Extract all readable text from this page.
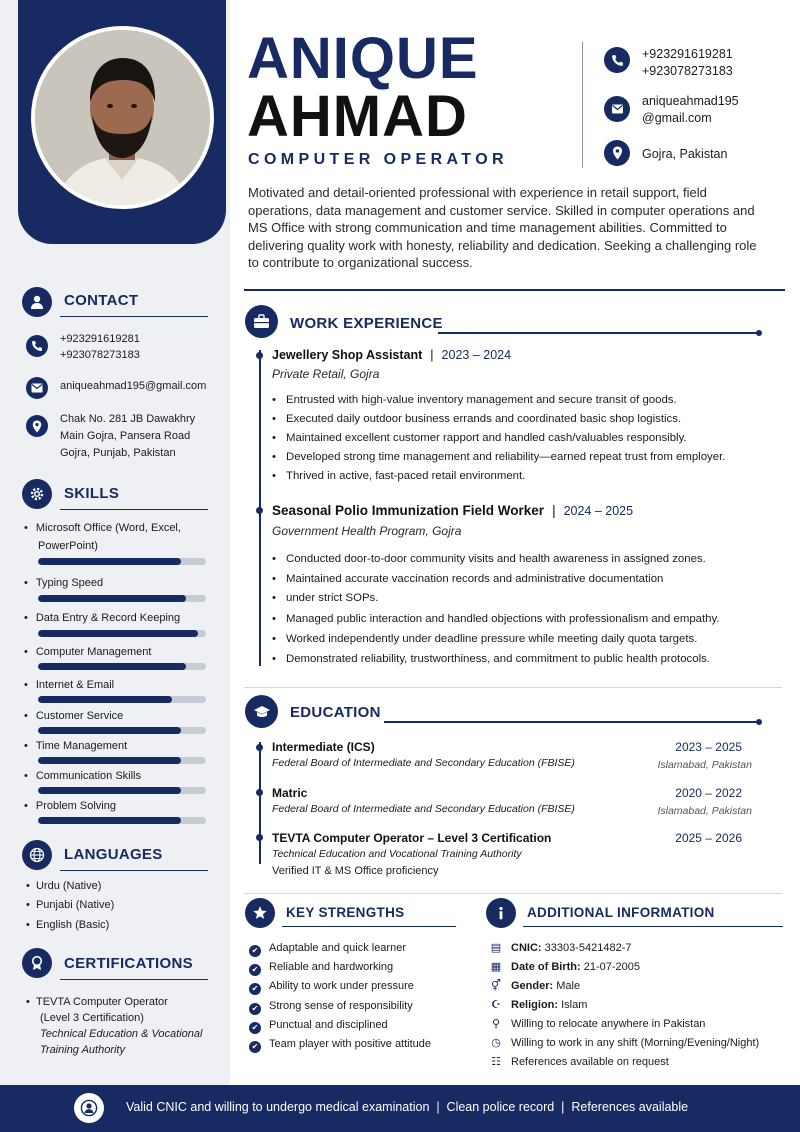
CONTACT
+923291619281
+923078273183
aniqueahmad195@gmail.com
Chak No. 281 JB Dawakhry
Main Gojra, Pansera Road
Gojra, Punjab, Pakistan
SKILLS
• Microsoft Office (Word, Excel,
PowerPoint)
• Typing Speed
• Data Entry & Record Keeping
• Computer Management
• Internet & Email
• Customer Service
• Time Management
• Communication Skills
• Problem Solving
LANGUAGES
•  Urdu (Native)
•  Punjabi (Native)
•  English (Basic)
CERTIFICATIONS
•  TEVTA Computer Operator
(Level 3 Certification)
Technical Education & Vocational
Training Authority
ANIQUE
AHMAD
COMPUTER OPERATOR
+923291619281
+923078273183
aniqueahmad195
@gmail.com
Gojra, Pakistan
Motivated and detail-oriented professional with experience in retail support, field operations, data management and customer service. Skilled in computer operations and MS Office with strong communication and time management abilities. Committed to delivering quality work with honesty, reliability and dedication. Seeking a challenging role to contribute to organizational success.
WORK EXPERIENCE
Jewellery Shop Assistant | 2023 – 2024
Private Retail, Gojra
• Entrusted with high-value inventory management and secure transit of goods.
• Executed daily outdoor business errands and coordinated basic shop logistics.
• Maintained excellent customer rapport and handled cash/valuables responsibly.
• Developed strong time management and reliability—earned repeat trust from employer.
• Thrived in active, fast-paced retail environment.
Seasonal Polio Immunization Field Worker | 2024 – 2025
Government Health Program, Gojra
• Conducted door-to-door community visits and health awareness in assigned zones.
• Maintained accurate vaccination records and administrative documentation
• under strict SOPs.
• Managed public interaction and handled objections with professionalism and empathy.
• Worked independently under deadline pressure while meeting daily quota targets.
• Demonstrated reliability, trustworthiness, and commitment to public health protocols.
EDUCATION
Intermediate (ICS)
Federal Board of Intermediate and Secondary Education (FBISE)
2023 – 2025
Islamabad, Pakistan
Matric
Federal Board of Intermediate and Secondary Education (FBISE)
2020 – 2022
Islamabad, Pakistan
TEVTA Computer Operator – Level 3 Certification
Technical Education and Vocational Training Authority
Verified IT & MS Office proficiency
2025 – 2026
KEY STRENGTHS
✔ Adaptable and quick learner
✔ Reliable and hardworking
✔ Ability to work under pressure
✔ Strong sense of responsibility
✔ Punctual and disciplined
✔ Team player with positive attitude
ADDITIONAL INFORMATION
▤ CNIC: 33303-5421482-7
▦ Date of Birth: 21-07-2005
⚥ Gender: Male
☪ Religion: Islam
⚲ Willing to relocate anywhere in Pakistan
◷ Willing to work in any shift (Morning/Evening/Night)
☷ References available on request
Valid CNIC and willing to undergo medical examination  |  Clean police record  |  References available
